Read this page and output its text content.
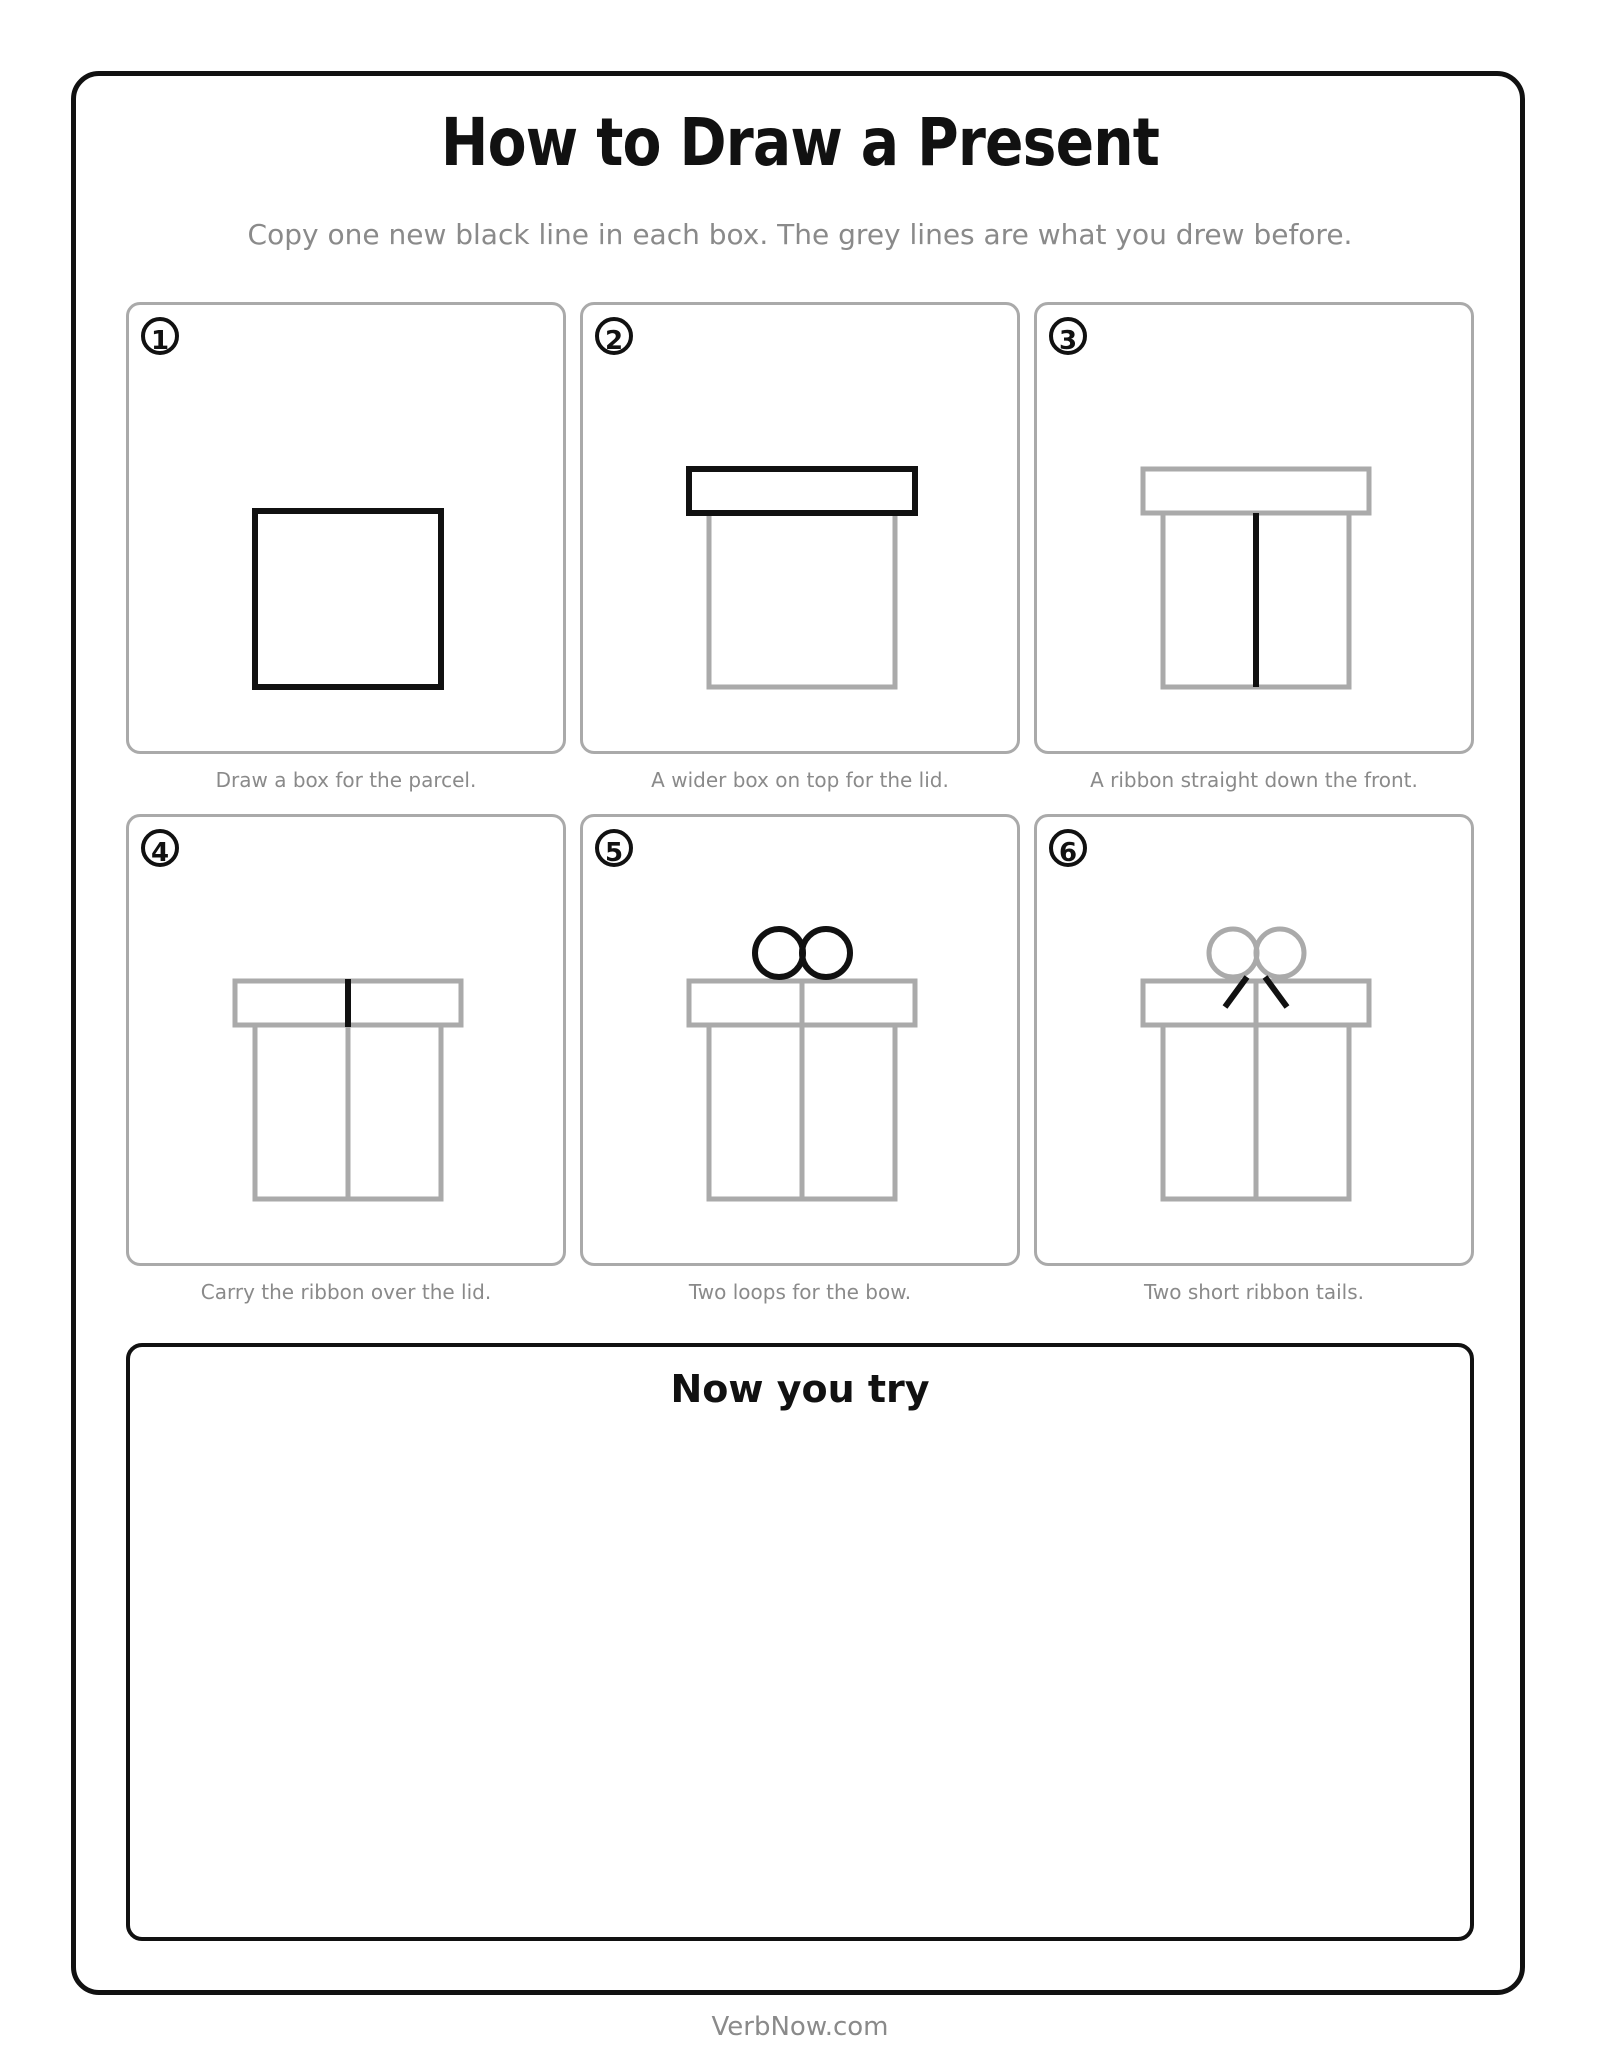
How to Draw a Present
Copy one new black line in each box. The grey lines are what you drew before.
1
Draw a box for the parcel.
2
A wider box on top for the lid.
3
A ribbon straight down the front.
4
Carry the ribbon over the lid.
5
Two loops for the bow.
6
Two short ribbon tails.
Now you try
VerbNow.com
